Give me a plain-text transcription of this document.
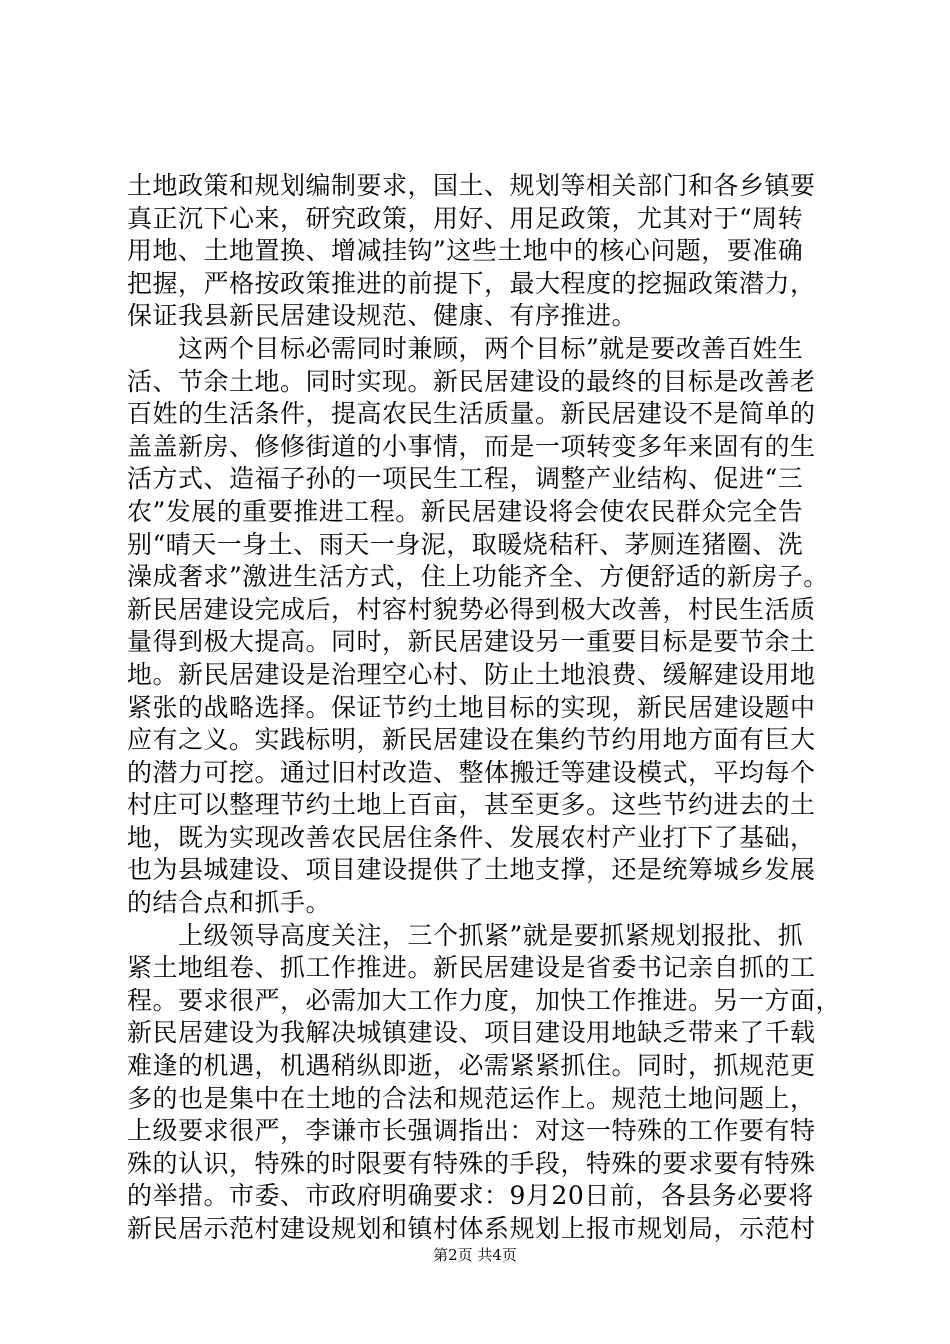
土地政策和规划编制要求，国土、规划等相关部门和各乡镇要
真正沉下心来，研究政策，用好、用足政策，尤其对于“周转
用地、土地置换、增减挂钩”这些土地中的核心问题，要准确
把握，严格按政策推进的前提下，最大程度的挖掘政策潜力，
保证我县新民居建设规范、健康、有序推进。
　　这两个目标必需同时兼顾，两个目标”就是要改善百姓生
活、节余土地。同时实现。新民居建设的最终的目标是改善老
百姓的生活条件，提高农民生活质量。新民居建设不是简单的
盖盖新房、修修街道的小事情，而是一项转变多年来固有的生
活方式、造福子孙的一项民生工程，调整产业结构、促进“三
农”发展的重要推进工程。新民居建设将会使农民群众完全告
别“晴天一身土、雨天一身泥，取暖烧秸秆、茅厕连猪圈、洗
澡成奢求”激进生活方式，住上功能齐全、方便舒适的新房子。
新民居建设完成后，村容村貌势必得到极大改善，村民生活质
量得到极大提高。同时，新民居建设另一重要目标是要节余土
地。新民居建设是治理空心村、防止土地浪费、缓解建设用地
紧张的战略选择。保证节约土地目标的实现，新民居建设题中
应有之义。实践标明，新民居建设在集约节约用地方面有巨大
的潜力可挖。通过旧村改造、整体搬迁等建设模式，平均每个
村庄可以整理节约土地上百亩，甚至更多。这些节约进去的土
地，既为实现改善农民居住条件、发展农村产业打下了基础，
也为县城建设、项目建设提供了土地支撑，还是统筹城乡发展
的结合点和抓手。
　　上级领导高度关注，三个抓紧”就是要抓紧规划报批、抓
紧土地组卷、抓工作推进。新民居建设是省委书记亲自抓的工
程。要求很严，必需加大工作力度，加快工作推进。另一方面，
新民居建设为我解决城镇建设、项目建设用地缺乏带来了千载
难逢的机遇，机遇稍纵即逝，必需紧紧抓住。同时，抓规范更
多的也是集中在土地的合法和规范运作上。规范土地问题上，
上级要求很严，李谦市长强调指出：对这一特殊的工作要有特
殊的认识，特殊的时限要有特殊的手段，特殊的要求要有特殊
的举措。市委、市政府明确要求：9月20日前，各县务必要将
新民居示范村建设规划和镇村体系规划上报市规划局，示范村
第2页 共4页
